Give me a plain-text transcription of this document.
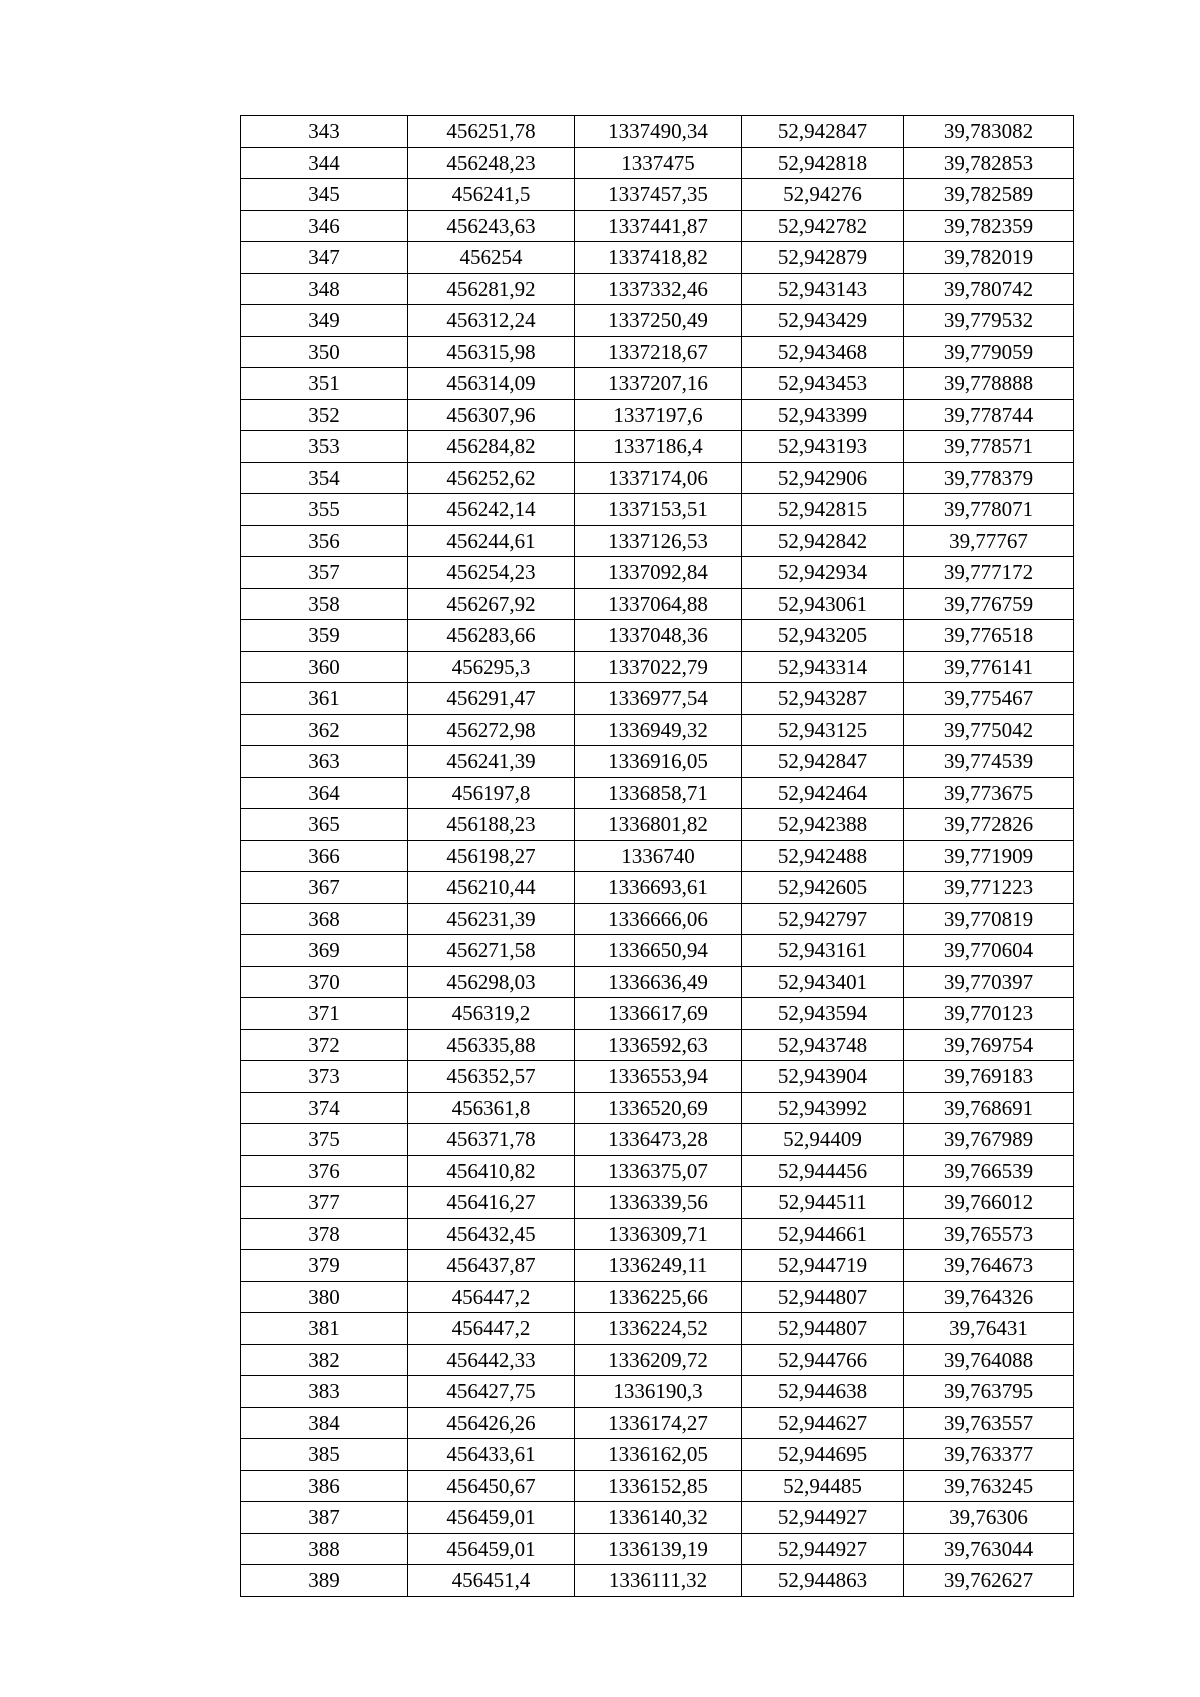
343	456251,78	1337490,34	52,942847	39,783082
344	456248,23	1337475	52,942818	39,782853
345	456241,5	1337457,35	52,94276	39,782589
346	456243,63	1337441,87	52,942782	39,782359
347	456254	1337418,82	52,942879	39,782019
348	456281,92	1337332,46	52,943143	39,780742
349	456312,24	1337250,49	52,943429	39,779532
350	456315,98	1337218,67	52,943468	39,779059
351	456314,09	1337207,16	52,943453	39,778888
352	456307,96	1337197,6	52,943399	39,778744
353	456284,82	1337186,4	52,943193	39,778571
354	456252,62	1337174,06	52,942906	39,778379
355	456242,14	1337153,51	52,942815	39,778071
356	456244,61	1337126,53	52,942842	39,77767
357	456254,23	1337092,84	52,942934	39,777172
358	456267,92	1337064,88	52,943061	39,776759
359	456283,66	1337048,36	52,943205	39,776518
360	456295,3	1337022,79	52,943314	39,776141
361	456291,47	1336977,54	52,943287	39,775467
362	456272,98	1336949,32	52,943125	39,775042
363	456241,39	1336916,05	52,942847	39,774539
364	456197,8	1336858,71	52,942464	39,773675
365	456188,23	1336801,82	52,942388	39,772826
366	456198,27	1336740	52,942488	39,771909
367	456210,44	1336693,61	52,942605	39,771223
368	456231,39	1336666,06	52,942797	39,770819
369	456271,58	1336650,94	52,943161	39,770604
370	456298,03	1336636,49	52,943401	39,770397
371	456319,2	1336617,69	52,943594	39,770123
372	456335,88	1336592,63	52,943748	39,769754
373	456352,57	1336553,94	52,943904	39,769183
374	456361,8	1336520,69	52,943992	39,768691
375	456371,78	1336473,28	52,94409	39,767989
376	456410,82	1336375,07	52,944456	39,766539
377	456416,27	1336339,56	52,944511	39,766012
378	456432,45	1336309,71	52,944661	39,765573
379	456437,87	1336249,11	52,944719	39,764673
380	456447,2	1336225,66	52,944807	39,764326
381	456447,2	1336224,52	52,944807	39,76431
382	456442,33	1336209,72	52,944766	39,764088
383	456427,75	1336190,3	52,944638	39,763795
384	456426,26	1336174,27	52,944627	39,763557
385	456433,61	1336162,05	52,944695	39,763377
386	456450,67	1336152,85	52,94485	39,763245
387	456459,01	1336140,32	52,944927	39,76306
388	456459,01	1336139,19	52,944927	39,763044
389	456451,4	1336111,32	52,944863	39,762627
